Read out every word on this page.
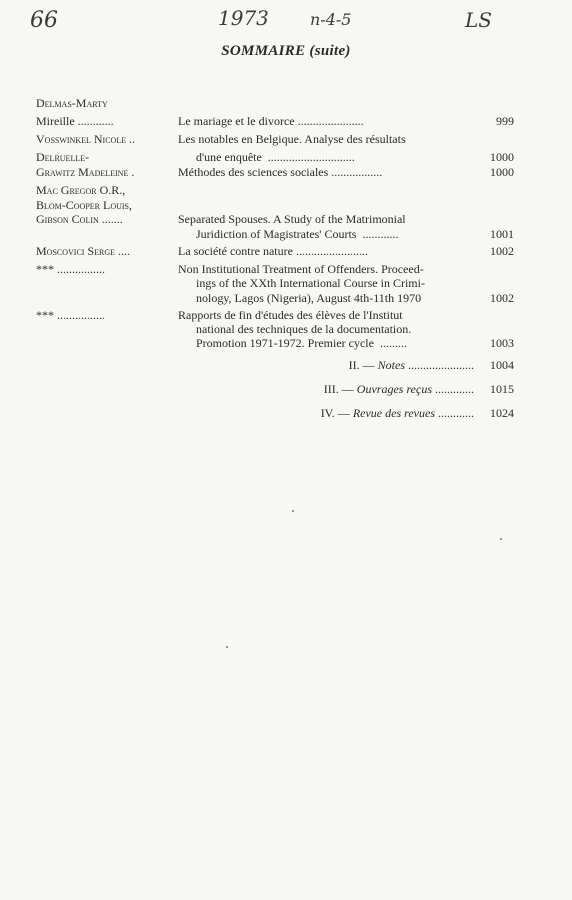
66	1973	n-4-5	LS
SOMMAIRE (suite)
Delmas-Marty
Mireille ............	Le mariage et le divorce ......................	999
Vosswinkel Nicole ..	Les notables en Belgique. Analyse des résultats
Delruelle-	d'une enquête  .............................	1000
Grawitz Madeleine .	Méthodes des sciences sociales .................	1000
Mac Gregor O.R.,
Blom-Cooper Louis,
Gibson Colin .......	Separated Spouses. A Study of the Matrimonial
Juridiction of Magistrates' Courts  ............	1001
Moscovici Serge ....	La société contre nature ........................	1002
*** ................	Non Institutional Treatment of Offenders. Proceed-
ings of the XXth International Course in Crimi-
nology, Lagos (Nigeria), August 4th-11th 1970	1002
*** ................	Rapports de fin d'études des élèves de l'Institut
national des techniques de la documentation.
Promotion 1971-1972. Premier cycle  .........	1003
II. — Notes ......................	1004
III. — Ouvrages reçus .............	1015
IV. — Revue des revues ............	1024
